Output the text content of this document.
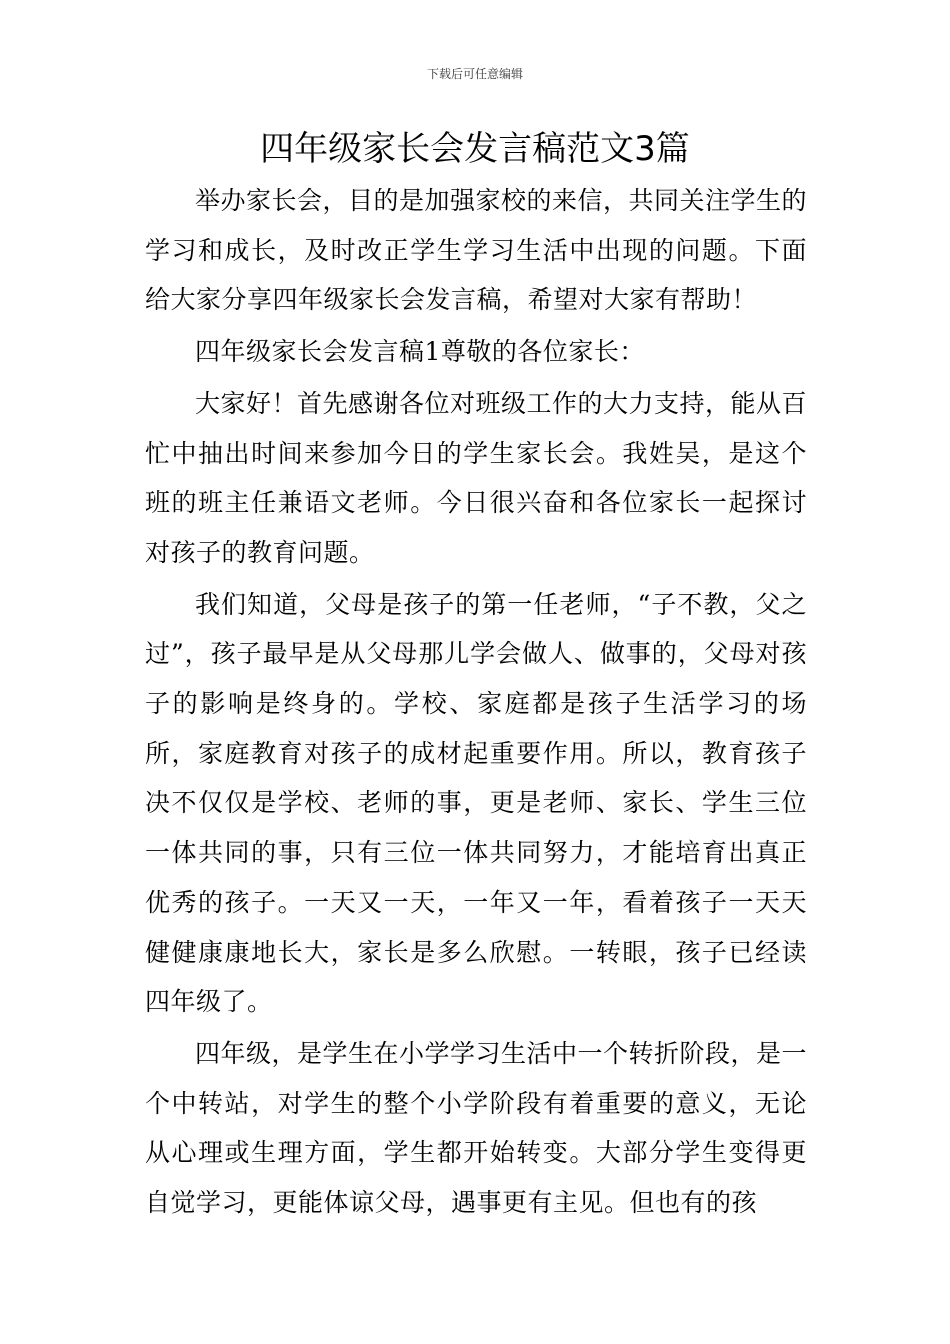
下载后可任意编辑
四年级家长会发言稿范文3篇

举办家长会，目的是加强家校的来信，共同关注学生的学习和成长，及时改正学生学习生活中出现的问题。下面给大家分享四年级家长会发言稿，希望对大家有帮助！

四年级家长会发言稿1尊敬的各位家长：

大家好！首先感谢各位对班级工作的大力支持，能从百忙中抽出时间来参加今日的学生家长会。我姓吴，是这个班的班主任兼语文老师。今日很兴奋和各位家长一起探讨对孩子的教育问题。

我们知道，父母是孩子的第一任老师，“子不教，父之过”，孩子最早是从父母那儿学会做人、做事的，父母对孩子的影响是终身的。学校、家庭都是孩子生活学习的场所，家庭教育对孩子的成材起重要作用。所以，教育孩子决不仅仅是学校、老师的事，更是老师、家长、学生三位一体共同的事，只有三位一体共同努力，才能培育出真正优秀的孩子。一天又一天，一年又一年，看着孩子一天天健健康康地长大，家长是多么欣慰。一转眼，孩子已经读四年级了。

四年级，是学生在小学学习生活中一个转折阶段，是一个中转站，对学生的整个小学阶段有着重要的意义，无论从心理或生理方面，学生都开始转变。大部分学生变得更自觉学习，更能体谅父母，遇事更有主见。但也有的孩
